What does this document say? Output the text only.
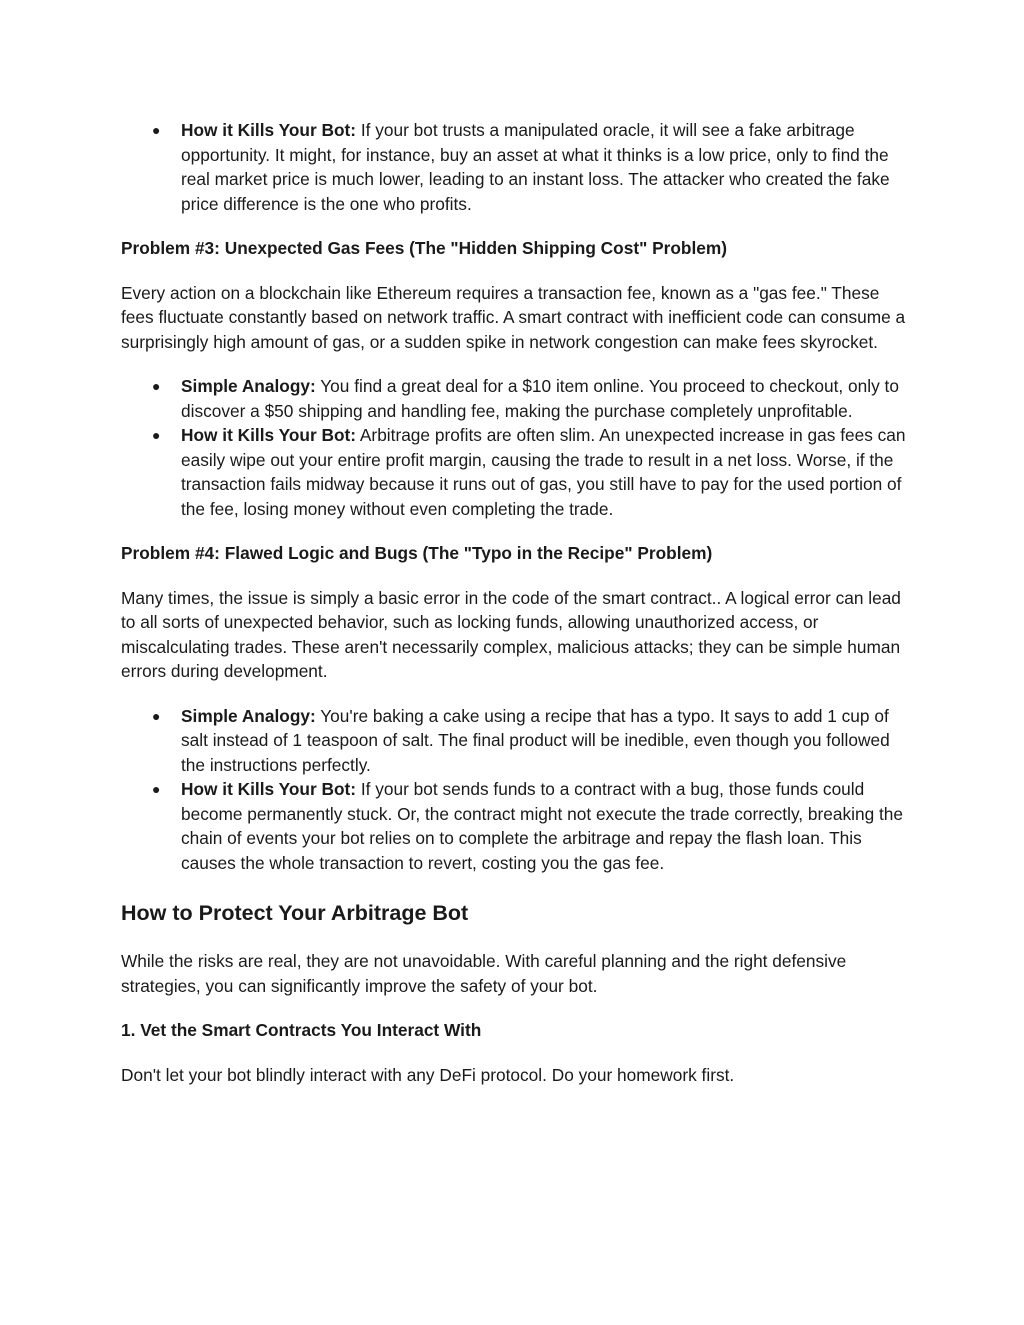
● How it Kills Your Bot: If your bot trusts a manipulated oracle, it will see a fake arbitrage opportunity. It might, for instance, buy an asset at what it thinks is a low price, only to find the real market price is much lower, leading to an instant loss. The attacker who created the fake price difference is the one who profits.
Problem #3: Unexpected Gas Fees (The "Hidden Shipping Cost" Problem)

Every action on a blockchain like Ethereum requires a transaction fee, known as a "gas fee." These fees fluctuate constantly based on network traffic. A smart contract with inefficient code can consume a surprisingly high amount of gas, or a sudden spike in network congestion can make fees skyrocket.

● Simple Analogy: You find a great deal for a $10 item online. You proceed to checkout, only to discover a $50 shipping and handling fee, making the purchase completely unprofitable.
● How it Kills Your Bot: Arbitrage profits are often slim. An unexpected increase in gas fees can easily wipe out your entire profit margin, causing the trade to result in a net loss. Worse, if the transaction fails midway because it runs out of gas, you still have to pay for the used portion of the fee, losing money without even completing the trade.
Problem #4: Flawed Logic and Bugs (The "Typo in the Recipe" Problem)

Many times, the issue is simply a basic error in the code of the smart contract.. A logical error can lead to all sorts of unexpected behavior, such as locking funds, allowing unauthorized access, or miscalculating trades. These aren't necessarily complex, malicious attacks; they can be simple human errors during development.

● Simple Analogy: You're baking a cake using a recipe that has a typo. It says to add 1 cup of salt instead of 1 teaspoon of salt. The final product will be inedible, even though you followed the instructions perfectly.
● How it Kills Your Bot: If your bot sends funds to a contract with a bug, those funds could become permanently stuck. Or, the contract might not execute the trade correctly, breaking the chain of events your bot relies on to complete the arbitrage and repay the flash loan. This causes the whole transaction to revert, costing you the gas fee.
How to Protect Your Arbitrage Bot

While the risks are real, they are not unavoidable. With careful planning and the right defensive strategies, you can significantly improve the safety of your bot.

1. Vet the Smart Contracts You Interact With

Don't let your bot blindly interact with any DeFi protocol. Do your homework first.
